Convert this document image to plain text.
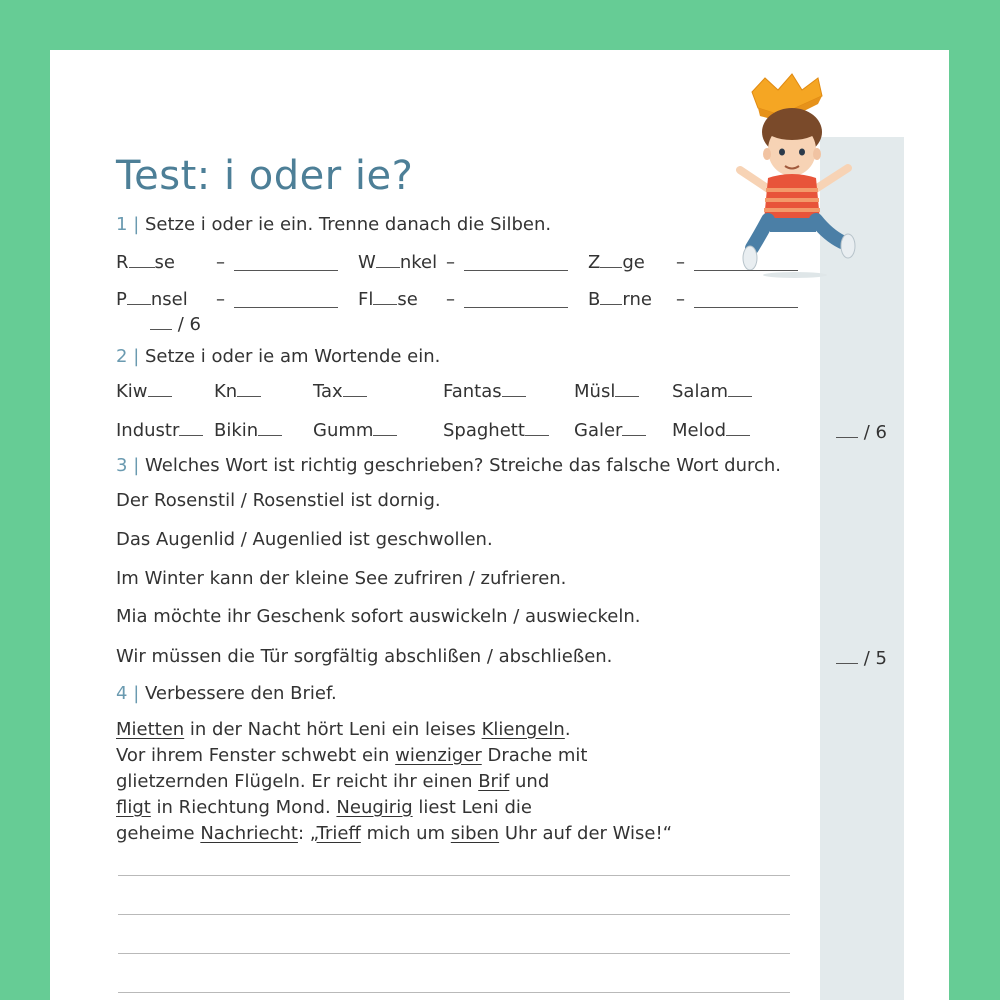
Test: i oder ie?
1 | Setze i oder ie ein. Trenne danach die Silben.
R se –	W nkel –	Z ge –
P nsel –	Fl se –	B rne –
/ 6
2 | Setze i oder ie am Wortende ein.
Kiw	Kn	Tax	Fantas	Müsl	Salam
Industr	Bikin	Gumm	Spaghett	Galer	Melod	/ 6
3 | Welches Wort ist richtig geschrieben? Streiche das falsche Wort durch.
Der Rosenstil / Rosenstiel ist dornig.
Das Augenlid / Augenlied ist geschwollen.
Im Winter kann der kleine See zufriren / zufrieren.
Mia möchte ihr Geschenk sofort auswickeln / auswieckeln.
Wir müssen die Tür sorgfältig abschlißen / abschließen.	/ 5
4 | Verbessere den Brief.
Mietten in der Nacht hört Leni ein leises Kliengeln.
Vor ihrem Fenster schwebt ein wienziger Drache mit
glietzernden Flügeln. Er reicht ihr einen Brif und
fligt in Riechtung Mond. Neugirig liest Leni die
geheime Nachriecht: „Trieff mich um siben Uhr auf der Wise!“
